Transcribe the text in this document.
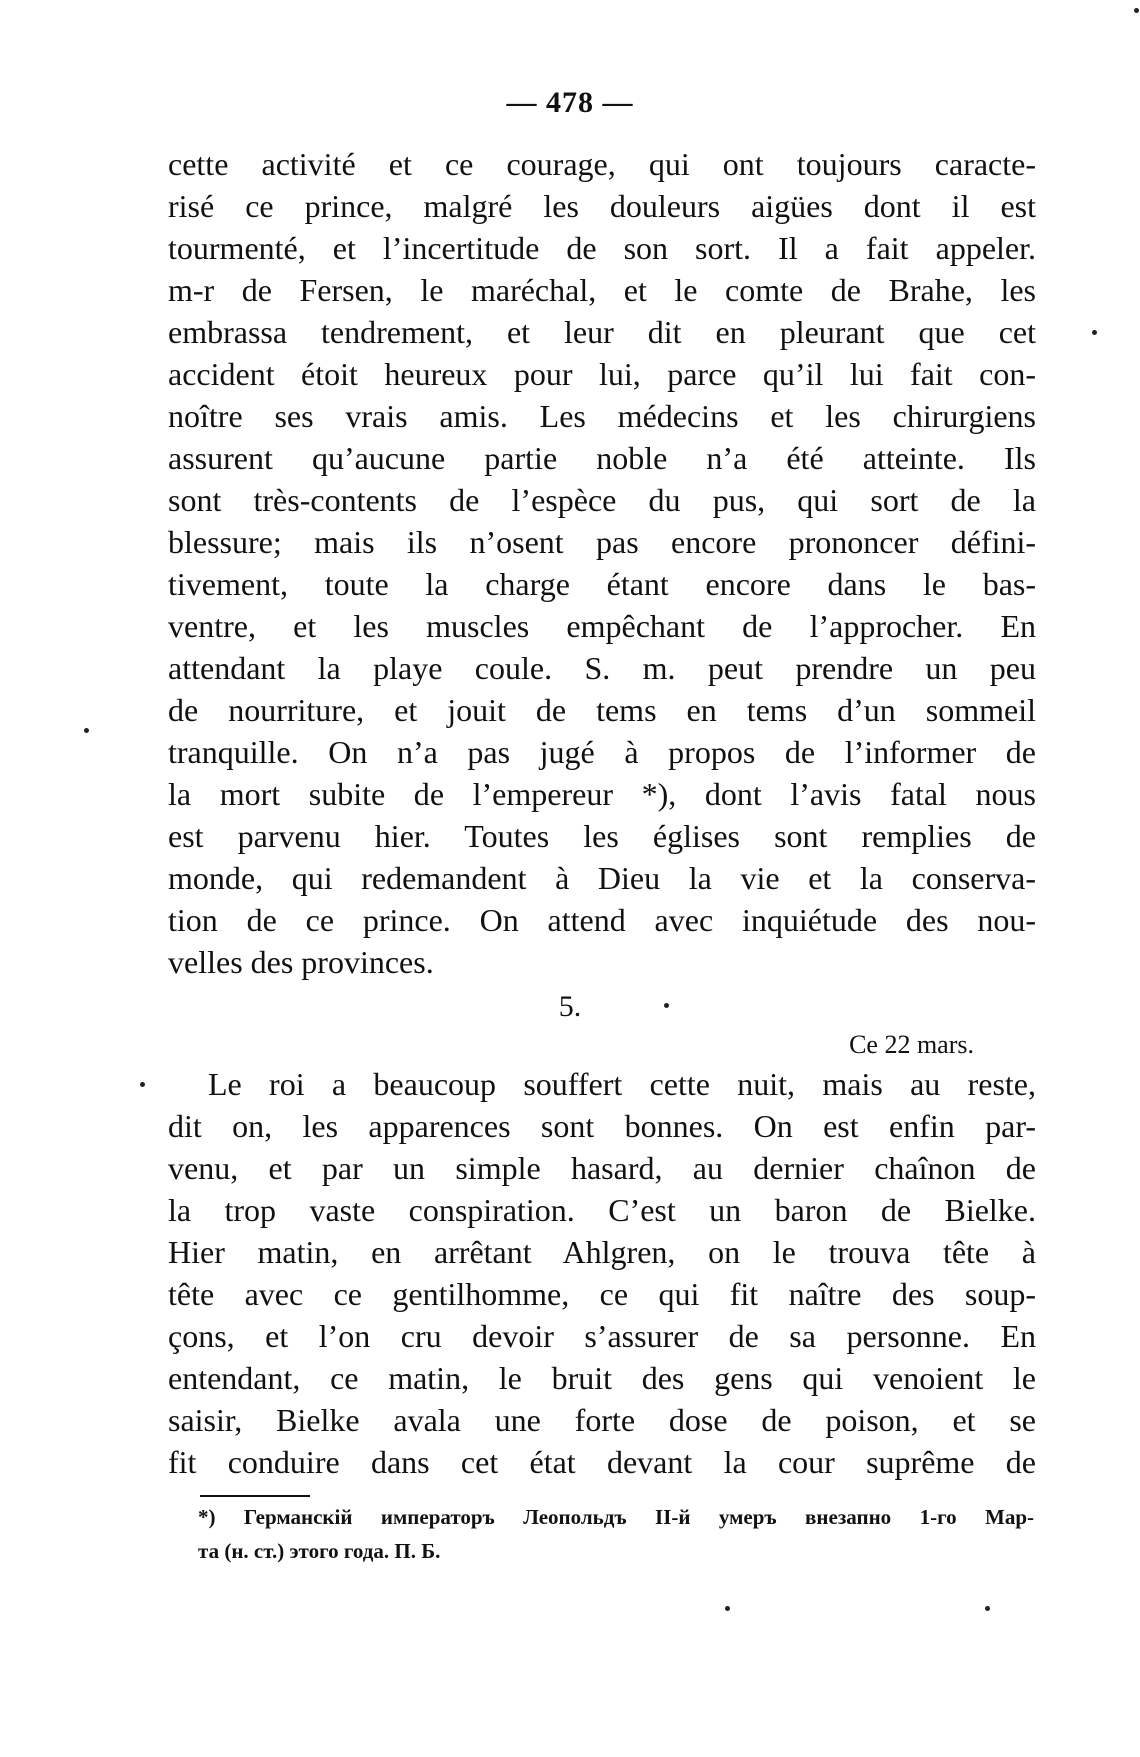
— 478 —
cette activité et ce courage, qui ont toujours caracte-
risé ce prince, malgré les douleurs aigües dont il est
tourmenté, et l’incertitude de son sort. Il a fait appeler.
m-r de Fersen, le maréchal, et le comte de Brahe, les
embrassa tendrement, et leur dit en pleurant que cet
accident étoit heureux pour lui, parce qu’il lui fait con-
noître ses vrais amis. Les médecins et les chirurgiens
assurent qu’aucune partie noble n’a été atteinte. Ils
sont très-contents de l’espèce du pus, qui sort de la
blessure; mais ils n’osent pas encore prononcer défini-
tivement, toute la charge étant encore dans le bas-
ventre, et les muscles empêchant de l’approcher. En
attendant la playe coule. S. m. peut prendre un peu
de nourriture, et jouit de tems en tems d’un sommeil
tranquille. On n’a pas jugé à propos de l’informer de
la mort subite de l’empereur *), dont l’avis fatal nous
est parvenu hier. Toutes les églises sont remplies de
monde, qui redemandent à Dieu la vie et la conserva-
tion de ce prince. On attend avec inquiétude des nou-
velles des provinces.
5.
Ce 22 mars.
Le roi a beaucoup souffert cette nuit, mais au reste,
dit on, les apparences sont bonnes. On est enfin par-
venu, et par un simple hasard, au dernier chaînon de
la trop vaste conspiration. C’est un baron de Bielke.
Hier matin, en arrêtant Ahlgren, on le trouva tête à
tête avec ce gentilhomme, ce qui fit naître des soup-
çons, et l’on cru devoir s’assurer de sa personne. En
entendant, ce matin, le bruit des gens qui venoient le
saisir, Bielke avala une forte dose de poison, et se
fit conduire dans cet état devant la cour suprême de
*) Германскій императоръ Леопольдъ II-й умеръ внезапно 1-го Мар-
та (н. ст.) этого года. П. Б.
